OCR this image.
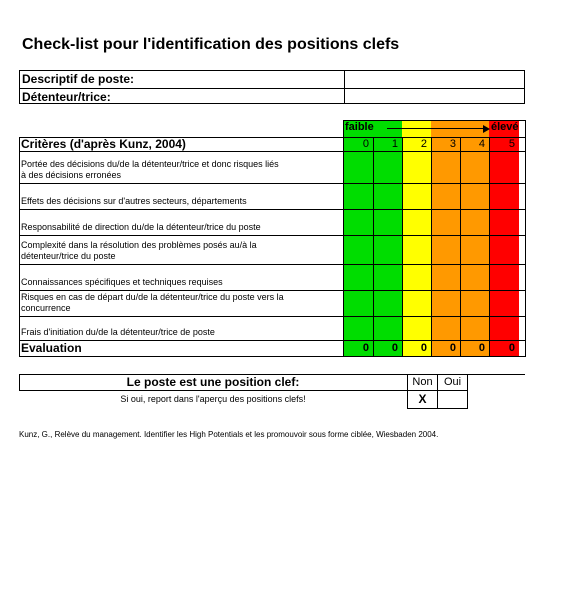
Check-list pour l'identification des positions clefs
Descriptif de poste:
Détenteur/trice:
faible	élevé
Critères (d'après Kunz, 2004)	0	1	2	3	4	5
Portée des décisions du/de la détenteur/trice et donc risques liés
à des décisions erronées
Effets des décisions sur d'autres secteurs, départements
Responsabilité de direction du/de la détenteur/trice du poste
Complexité dans la résolution des problèmes posés au/à la
détenteur/trice du poste
Connaissances spécifiques et techniques requises
Risques en cas de départ du/de la détenteur/trice du poste vers la
concurrence
Frais d'initiation du/de la détenteur/trice de poste
Evaluation	0	0	0	0	0	0
Le poste est une position clef:
Si oui, report dans l'aperçu des positions clefs!
Non	Oui
X
Kunz, G., Relève du management. Identifier les High Potentials et les promouvoir sous forme ciblée, Wiesbaden 2004.
